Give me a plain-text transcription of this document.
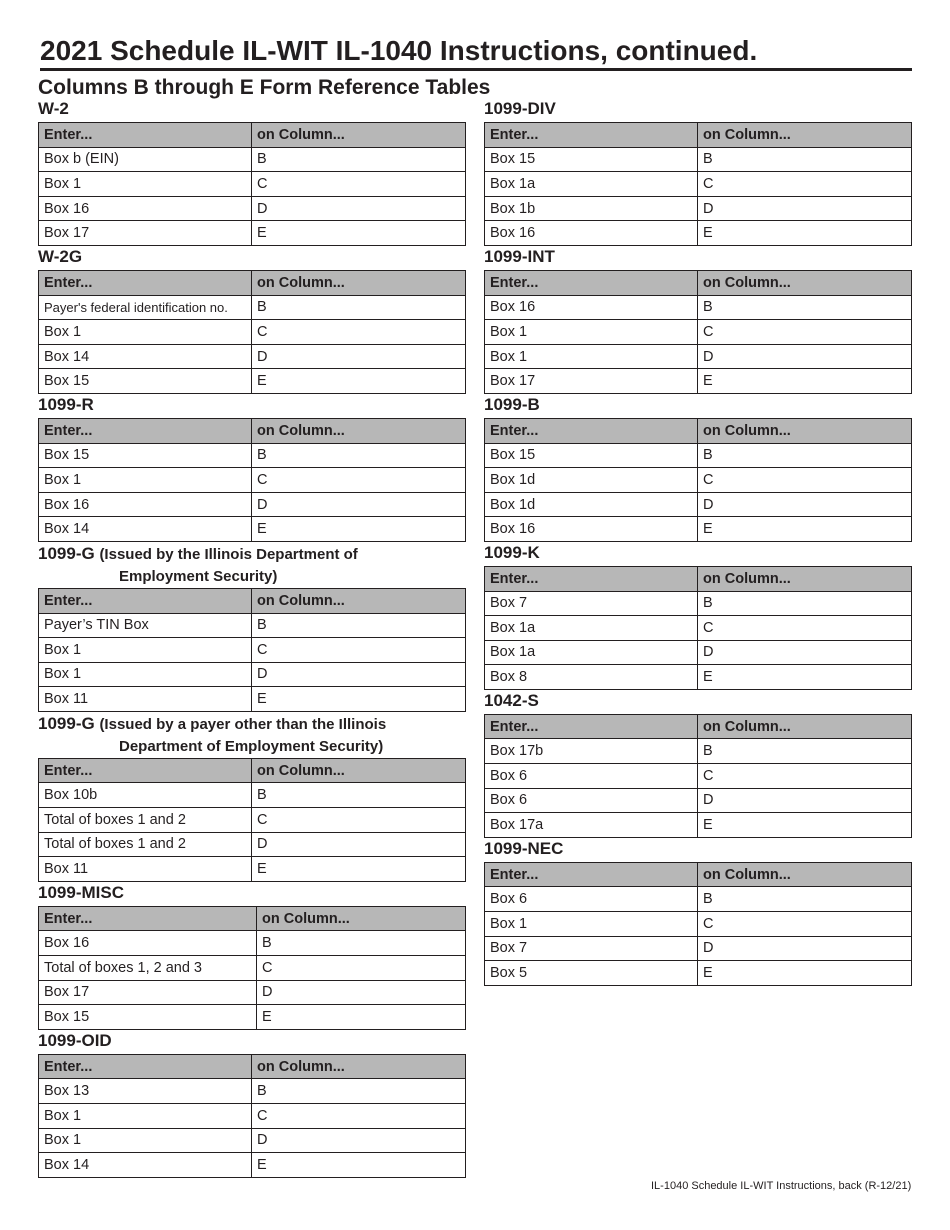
2021 Schedule IL-WIT IL-1040 Instructions, continued.
Columns B through E Form Reference Tables
W-2
Enter...	on Column...
Box b (EIN)	B
Box 1	C
Box 16	D
Box 17	E
W-2G
Enter...	on Column...
Payer's federal identification no.	B
Box 1	C
Box 14	D
Box 15	E
1099-R
Enter...	on Column...
Box 15	B
Box 1	C
Box 16	D
Box 14	E
1099-G (Issued by the Illinois Department of
Employment Security)
Enter...	on Column...
Payer’s TIN Box	B
Box 1	C
Box 1	D
Box 11	E
1099-G (Issued by a payer other than the Illinois
Department of Employment Security)
Enter...	on Column...
Box 10b	B
Total of boxes 1 and 2	C
Total of boxes 1 and 2	D
Box 11	E
1099-MISC
Enter...	on Column...
Box 16	B
Total of boxes 1, 2 and 3	C
Box 17	D
Box 15	E
1099-OID
Enter...	on Column...
Box 13	B
Box 1	C
Box 1	D
Box 14	E
1099-DIV
Enter...	on Column...
Box 15	B
Box 1a	C
Box 1b	D
Box 16	E
1099-INT
Enter...	on Column...
Box 16	B
Box 1	C
Box 1	D
Box 17	E
1099-B
Enter...	on Column...
Box 15	B
Box 1d	C
Box 1d	D
Box 16	E
1099-K
Enter...	on Column...
Box 7	B
Box 1a	C
Box 1a	D
Box 8	E
1042-S
Enter...	on Column...
Box 17b	B
Box 6	C
Box 6	D
Box 17a	E
1099-NEC
Enter...	on Column...
Box 6	B
Box 1	C
Box 7	D
Box 5	E
IL-1040 Schedule IL-WIT Instructions, back (R-12/21)
